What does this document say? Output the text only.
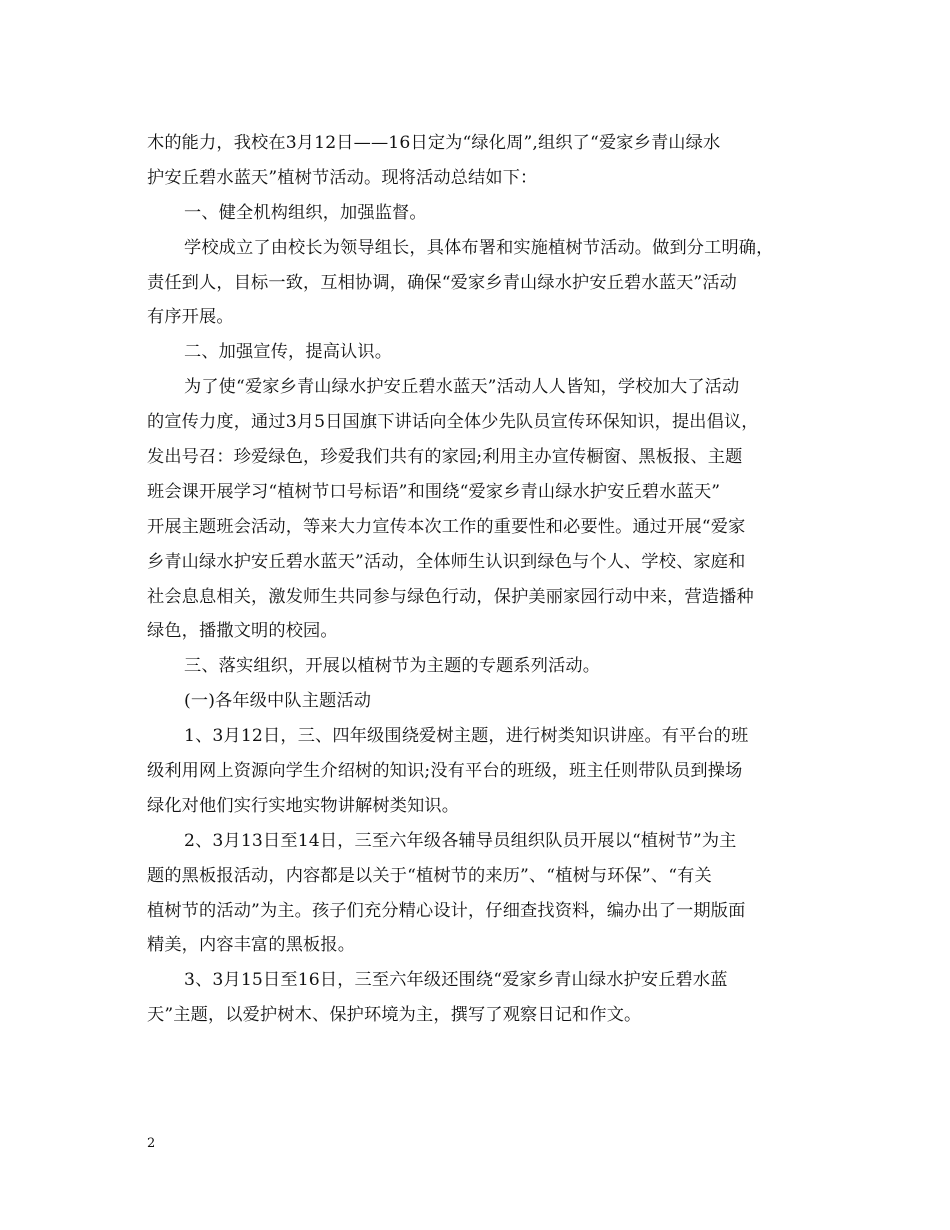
木的能力，我校在3月12日——16日定为“绿化周”,组织了“爱家乡青山绿水
护安丘碧水蓝天”植树节活动。现将活动总结如下：
一、健全机构组织，加强监督。
学校成立了由校长为领导组长，具体布署和实施植树节活动。做到分工明确，
责任到人，目标一致，互相协调，确保“爱家乡青山绿水护安丘碧水蓝天”活动
有序开展。
二、加强宣传，提高认识。
为了使“爱家乡青山绿水护安丘碧水蓝天”活动人人皆知，学校加大了活动
的宣传力度，通过3月5日国旗下讲话向全体少先队员宣传环保知识，提出倡议，
发出号召：珍爱绿色，珍爱我们共有的家园;利用主办宣传橱窗、黑板报、主题
班会课开展学习“植树节口号标语”和围绕“爱家乡青山绿水护安丘碧水蓝天”
开展主题班会活动，等来大力宣传本次工作的重要性和必要性。通过开展“爱家
乡青山绿水护安丘碧水蓝天”活动，全体师生认识到绿色与个人、学校、家庭和
社会息息相关，激发师生共同参与绿色行动，保护美丽家园行动中来，营造播种
绿色，播撒文明的校园。
三、落实组织，开展以植树节为主题的专题系列活动。
(一)各年级中队主题活动
1、3月12日，三、四年级围绕爱树主题，进行树类知识讲座。有平台的班
级利用网上资源向学生介绍树的知识;没有平台的班级，班主任则带队员到操场
绿化对他们实行实地实物讲解树类知识。
2、3月13日至14日，三至六年级各辅导员组织队员开展以“植树节”为主
题的黑板报活动，内容都是以关于“植树节的来历”、“植树与环保”、“有关
植树节的活动”为主。孩子们充分精心设计，仔细查找资料，编办出了一期版面
精美，内容丰富的黑板报。
3、3月15日至16日，三至六年级还围绕“爱家乡青山绿水护安丘碧水蓝
天”主题，以爱护树木、保护环境为主，撰写了观察日记和作文。
2
